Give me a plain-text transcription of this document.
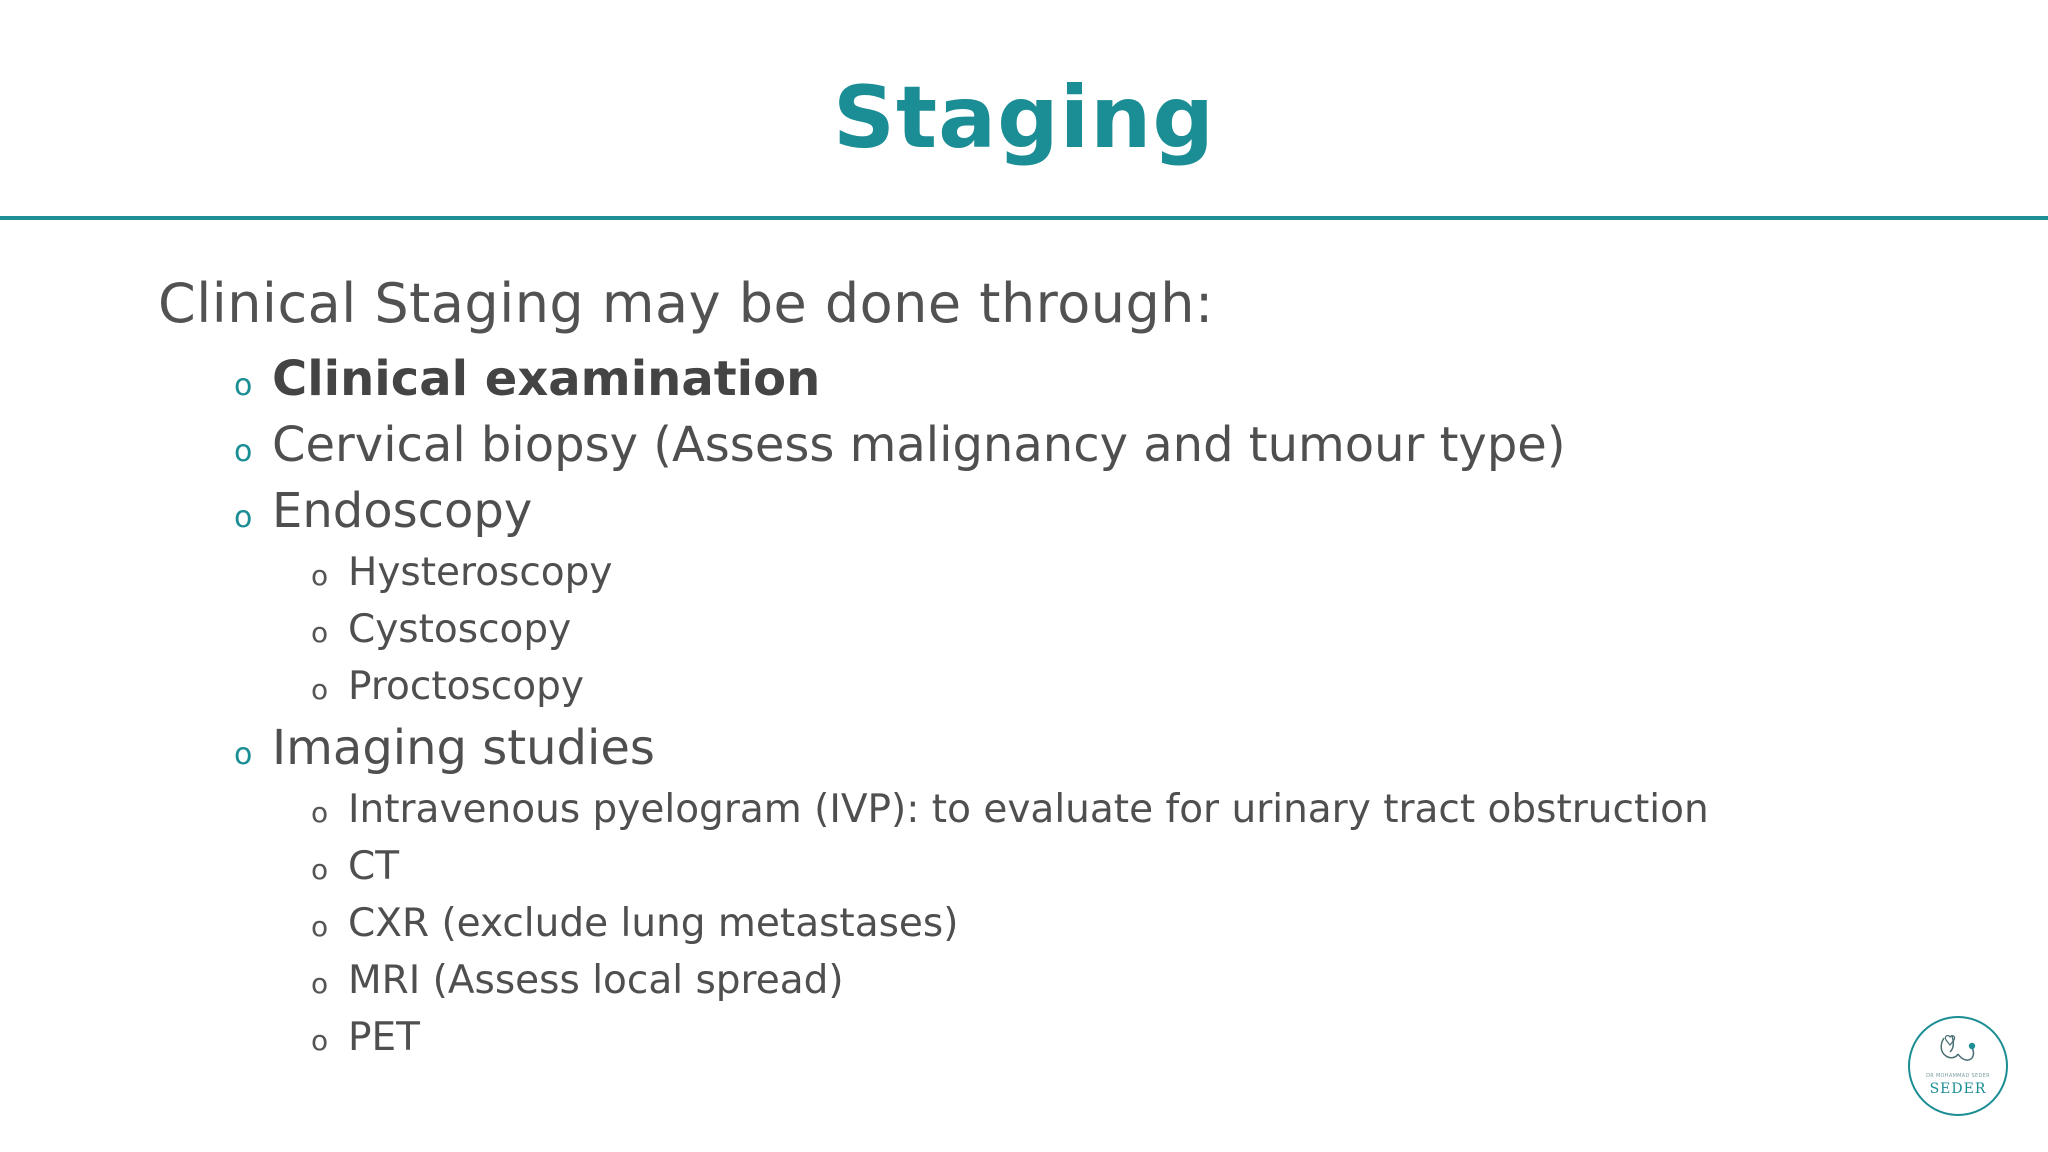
Staging
Clinical Staging may be done through:
o Clinical examination
o Cervical biopsy (Assess malignancy and tumour type)
o Endoscopy
o Hysteroscopy
o Cystoscopy
o Proctoscopy
o Imaging studies
o Intravenous pyelogram (IVP): to evaluate for urinary tract obstruction
o CT
o CXR (exclude lung metastases)
o MRI (Assess local spread)
o PET
DR MOHAMMAD SEDER
SEDER
